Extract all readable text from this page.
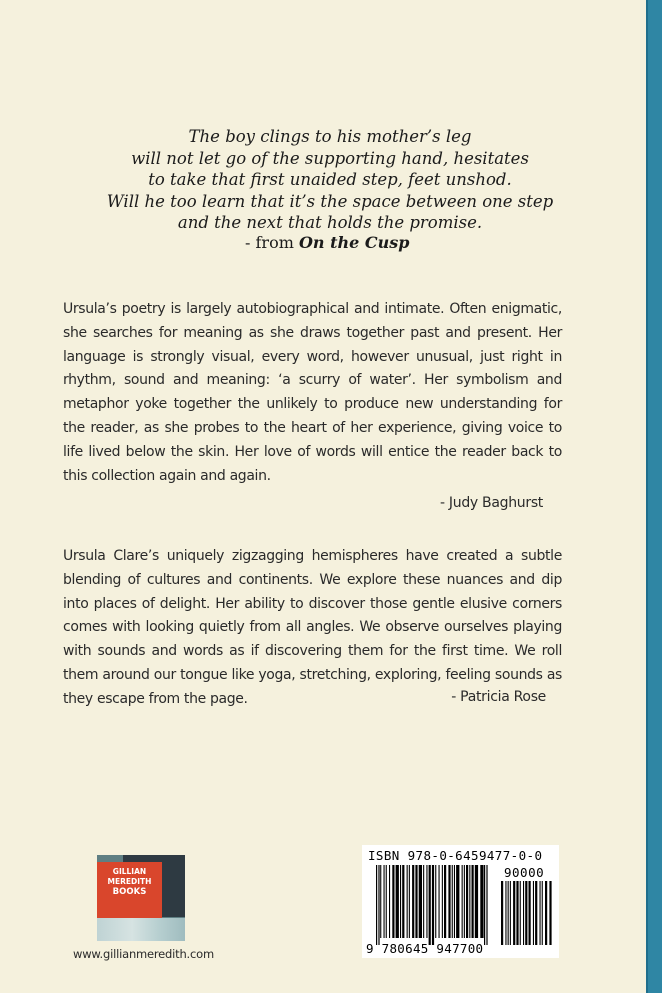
The boy clings to his mother’s leg
will not let go of the supporting hand, hesitates
to take that first unaided step, feet unshod.
Will he too learn that it’s the space between one step
and the next that holds the promise.
- from On the Cusp

Ursula’s poetry is largely autobiographical and intimate. Often enigmatic, she searches for meaning as she draws together past and present. Her language is strongly visual, every word, however unusual, just right in rhythm, sound and meaning: ‘a scurry of water’. Her symbolism and metaphor yoke together the unlikely to produce new understanding for the reader, as she probes to the heart of her experience, giving voice to life lived below the skin. Her love of words will entice the reader back to this collection again and again.

- Judy Baghurst

Ursula Clare’s uniquely zigzagging hemispheres have created a subtle blending of cultures and continents. We explore these nuances and dip into places of delight. Her ability to discover those gentle elusive corners comes with looking quietly from all angles. We observe ourselves playing with sounds and words as if discovering them for the first time. We roll them around our tongue like yoga, stretching, exploring, feeling sounds as they escape from the page.	- Patricia Rose
GILLIAN
MEREDITH
BOOKS
www.gillianmeredith.com
ISBN 978-0-6459477-0-0
90000
9 780645 947700
